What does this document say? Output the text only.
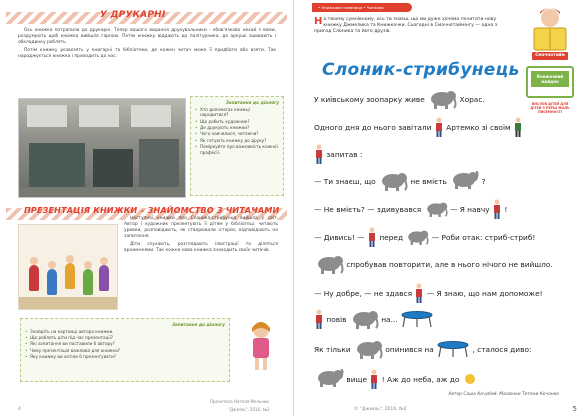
У ДРУКАРНІ

Ось книжка потрапила до друкарні. Тепер вашого видання друкувальники - обов'язково нехай з вами, роздумують щоб книжка вийшла гарною. Потім книжку віддають до палітурника, де аркуші зшивають і обкладинку роблять.

Потім книжку розвозять у книгарні та бібліотеки, де кожен читач може її придбати або взяти. Так народжується книжка і приходить до нас.

Запитання до діалогу
• Хто допомагає книжці народитися?
• Що робить художник?
• Де друкують книжки?
• Чого навчилися, читаючи?
• Як готують книжку до друку?
• Поміркуйте про важливість кожної професії.
ПРЕЗЕНТАЦІЯ КНИЖКИ – ЗНАЙОМСТВО З ЧИТАЧАМИ

Наступної книжки про Слоника-стрибунця вийшла у світ. Автор і художник презентують її дітям у бібліотеці: читають уривки, розповідають, як створювали історію, відповідають на запитання.

Діти слухають, розглядають ілюстрації та діляться враженнями. Так кожна нова книжка знаходить своїх читачів.

Запитання до діалогу
• Знайдіть на картинці автора книжки.
• Що роблять діти під час презентації?
• Які запитання ви поставили б автору?
• Чому презентація важлива для книжки?
• Яку книжку ви хотіли б презентувати?
4
Прочитала Наталя Мельник
"Джміль", 2016, №2
• Книжкова таємниця • Читаємо
На твоєму сумнівному, ось ти знаєш, що ми дуже хочемо почитати нову книжку Джмелика та Книжкочки. Сьогодні в Смачнотаймінгу — одна з пригод Слоника та його друзів.
Смачнотайм
Книжковий майдан
ВИСЛОВ ДІТЕЙ ДЛЯ ДІТЕЙ З ПЕРШ ЖАЛЬ ПИСЕМНОСТІ
Слоник-стрибунець
У київському зоопарку живе	Хорас.
Одного дня до нього завітали Артемко зі своїм
запитав :
— Ти знаєш, що	не вмієть	?
— Не вмієть? — здивувався	— Я навчу !
— Дивись! — перед	— Роби отак: стриб-стриб!
спробував повторити, але в нього нічого не вийшло.
— Ну добре, — не здався — Я знаю, що нам допоможе!
повів	на...
Як тільки	опинився на	, сталося диво:
вище ! Аж до неба, аж до
Автор Саша Кочубей. Малюнки Тетяни Кочанко
© "Джміль", 2016, №2	5
